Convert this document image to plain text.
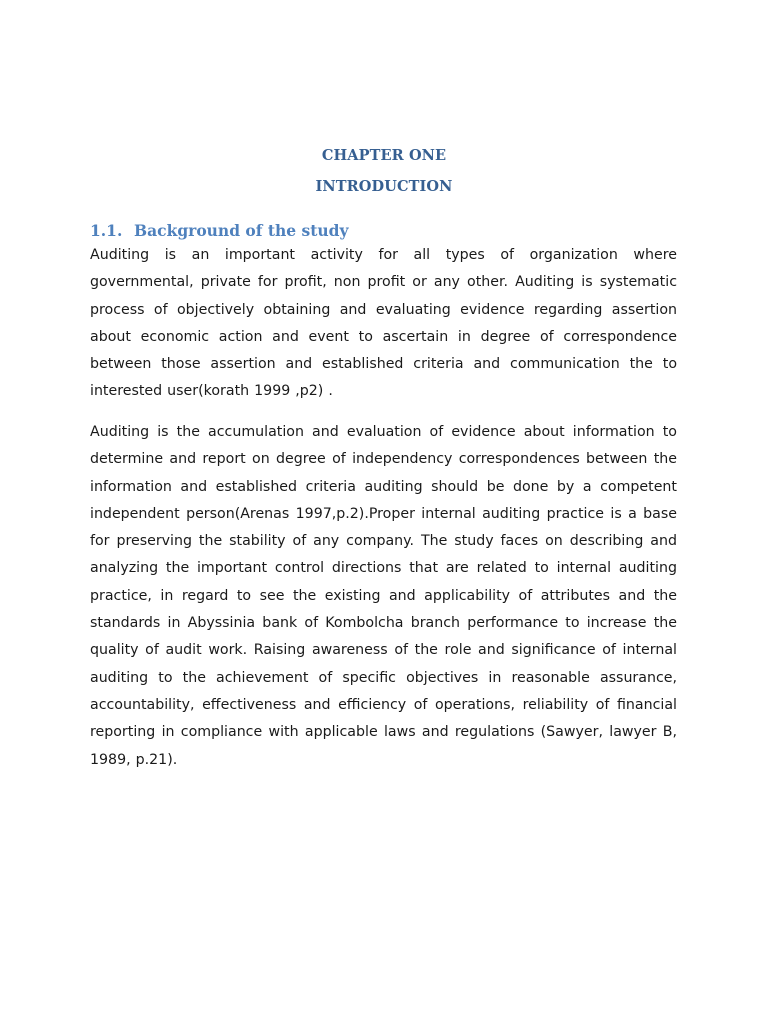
CHAPTER ONE
INTRODUCTION
1.1. Background of the study

Auditing is an important activity for all types of organization where governmental, private for profit, non profit or any other. Auditing is systematic process of objectively obtaining and evaluating evidence regarding assertion about economic action and event to ascertain in degree of correspondence between those assertion and established criteria and communication the to interested user(korath 1999 ,p2) .

Auditing is the accumulation and evaluation of evidence about information to determine and report on degree of independency correspondences between the information and established criteria auditing should be done by a competent independent person(Arenas 1997,p.2).Proper internal auditing practice is a base for preserving the stability of any company. The study faces on describing and analyzing the important control directions that are related to internal auditing practice, in regard to see the existing and applicability of attributes and the standards in Abyssinia bank of Kombolcha branch performance to increase the quality of audit work. Raising awareness of the role and significance of internal auditing to the achievement of specific objectives in reasonable assurance, accountability, effectiveness and efficiency of operations, reliability of financial reporting in compliance with applicable laws and regulations (Sawyer, lawyer B, 1989, p.21).
